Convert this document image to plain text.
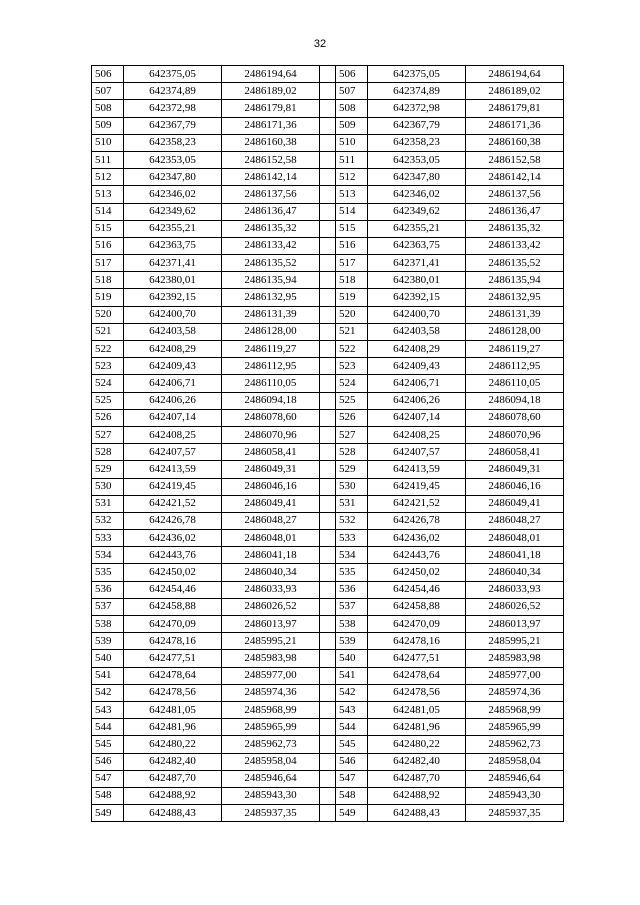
32
506	642375,05	2486194,64		506	642375,05	2486194,64
507	642374,89	2486189,02		507	642374,89	2486189,02
508	642372,98	2486179,81		508	642372,98	2486179,81
509	642367,79	2486171,36		509	642367,79	2486171,36
510	642358,23	2486160,38		510	642358,23	2486160,38
511	642353,05	2486152,58		511	642353,05	2486152,58
512	642347,80	2486142,14		512	642347,80	2486142,14
513	642346,02	2486137,56		513	642346,02	2486137,56
514	642349,62	2486136,47		514	642349,62	2486136,47
515	642355,21	2486135,32		515	642355,21	2486135,32
516	642363,75	2486133,42		516	642363,75	2486133,42
517	642371,41	2486135,52		517	642371,41	2486135,52
518	642380,01	2486135,94		518	642380,01	2486135,94
519	642392,15	2486132,95		519	642392,15	2486132,95
520	642400,70	2486131,39		520	642400,70	2486131,39
521	642403,58	2486128,00		521	642403,58	2486128,00
522	642408,29	2486119,27		522	642408,29	2486119,27
523	642409,43	2486112,95		523	642409,43	2486112,95
524	642406,71	2486110,05		524	642406,71	2486110,05
525	642406,26	2486094,18		525	642406,26	2486094,18
526	642407,14	2486078,60		526	642407,14	2486078,60
527	642408,25	2486070,96		527	642408,25	2486070,96
528	642407,57	2486058,41		528	642407,57	2486058,41
529	642413,59	2486049,31		529	642413,59	2486049,31
530	642419,45	2486046,16		530	642419,45	2486046,16
531	642421,52	2486049,41		531	642421,52	2486049,41
532	642426,78	2486048,27		532	642426,78	2486048,27
533	642436,02	2486048,01		533	642436,02	2486048,01
534	642443,76	2486041,18		534	642443,76	2486041,18
535	642450,02	2486040,34		535	642450,02	2486040,34
536	642454,46	2486033,93		536	642454,46	2486033,93
537	642458,88	2486026,52		537	642458,88	2486026,52
538	642470,09	2486013,97		538	642470,09	2486013,97
539	642478,16	2485995,21		539	642478,16	2485995,21
540	642477,51	2485983,98		540	642477,51	2485983,98
541	642478,64	2485977,00		541	642478,64	2485977,00
542	642478,56	2485974,36		542	642478,56	2485974,36
543	642481,05	2485968,99		543	642481,05	2485968,99
544	642481,96	2485965,99		544	642481,96	2485965,99
545	642480,22	2485962,73		545	642480,22	2485962,73
546	642482,40	2485958,04		546	642482,40	2485958,04
547	642487,70	2485946,64		547	642487,70	2485946,64
548	642488,92	2485943,30		548	642488,92	2485943,30
549	642488,43	2485937,35		549	642488,43	2485937,35
